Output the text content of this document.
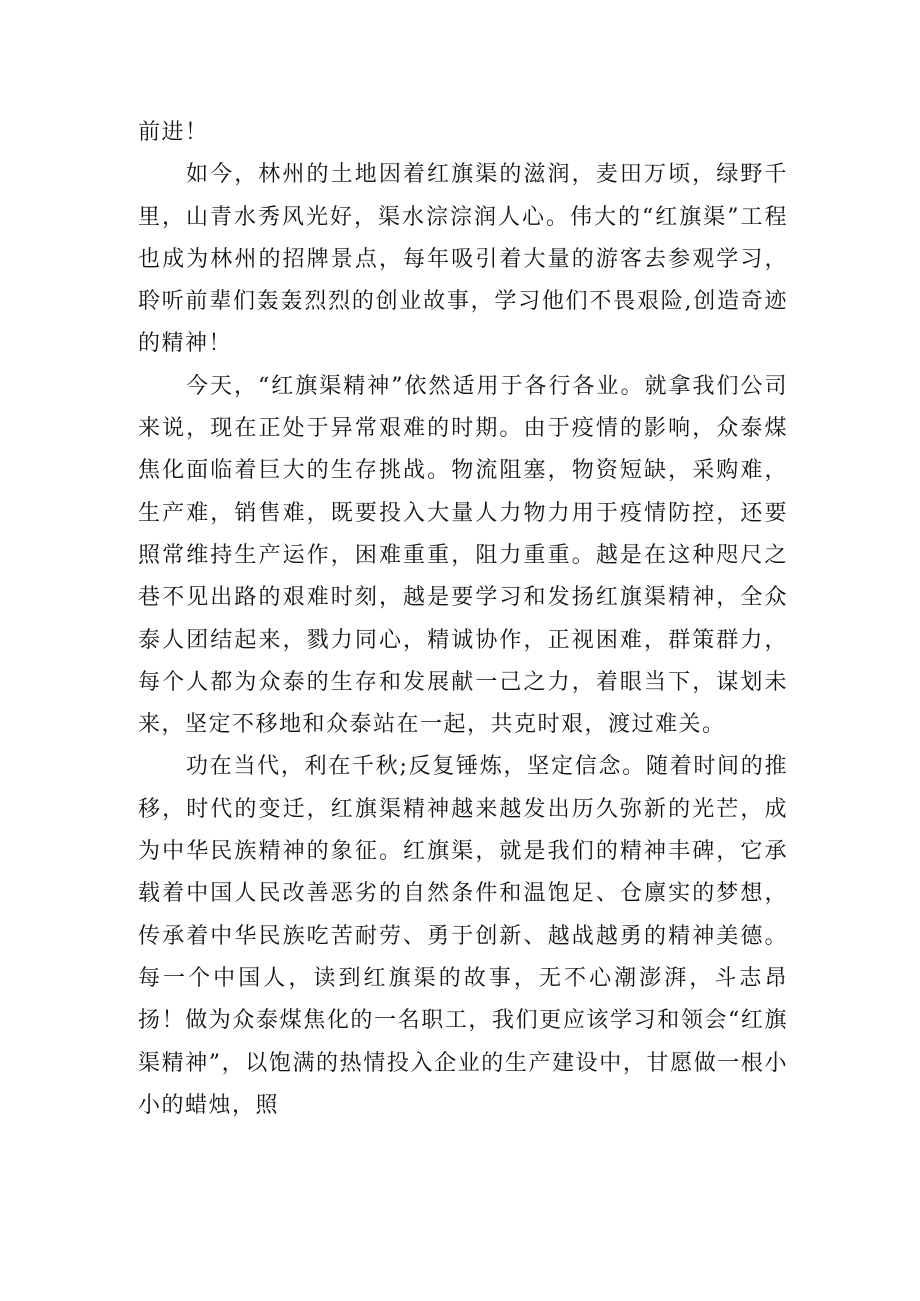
前进！

如今，林州的土地因着红旗渠的滋润，麦田万顷，绿野千里，山青水秀风光好，渠水淙淙润人心。伟大的“红旗渠”工程也成为林州的招牌景点，每年吸引着大量的游客去参观学习，聆听前辈们轰轰烈烈的创业故事，学习他们不畏艰险,创造奇迹的精神！

今天，“红旗渠精神”依然适用于各行各业。就拿我们公司来说，现在正处于异常艰难的时期。由于疫情的影响，众泰煤焦化面临着巨大的生存挑战。物流阻塞，物资短缺，采购难，生产难，销售难，既要投入大量人力物力用于疫情防控，还要照常维持生产运作，困难重重，阻力重重。越是在这种咫尺之巷不见出路的艰难时刻，越是要学习和发扬红旗渠精神，全众泰人团结起来，戮力同心，精诚协作，正视困难，群策群力，每个人都为众泰的生存和发展献一己之力，着眼当下，谋划未来，坚定不移地和众泰站在一起，共克时艰，渡过难关。

功在当代，利在千秋;反复锤炼，坚定信念。随着时间的推移，时代的变迁，红旗渠精神越来越发出历久弥新的光芒，成为中华民族精神的象征。红旗渠，就是我们的精神丰碑，它承载着中国人民改善恶劣的自然条件和温饱足、仓廪实的梦想，传承着中华民族吃苦耐劳、勇于创新、越战越勇的精神美德。每一个中国人，读到红旗渠的故事，无不心潮澎湃，斗志昂扬！做为众泰煤焦化的一名职工，我们更应该学习和领会“红旗渠精神”，以饱满的热情投入企业的生产建设中，甘愿做一根小小的蜡烛，照
